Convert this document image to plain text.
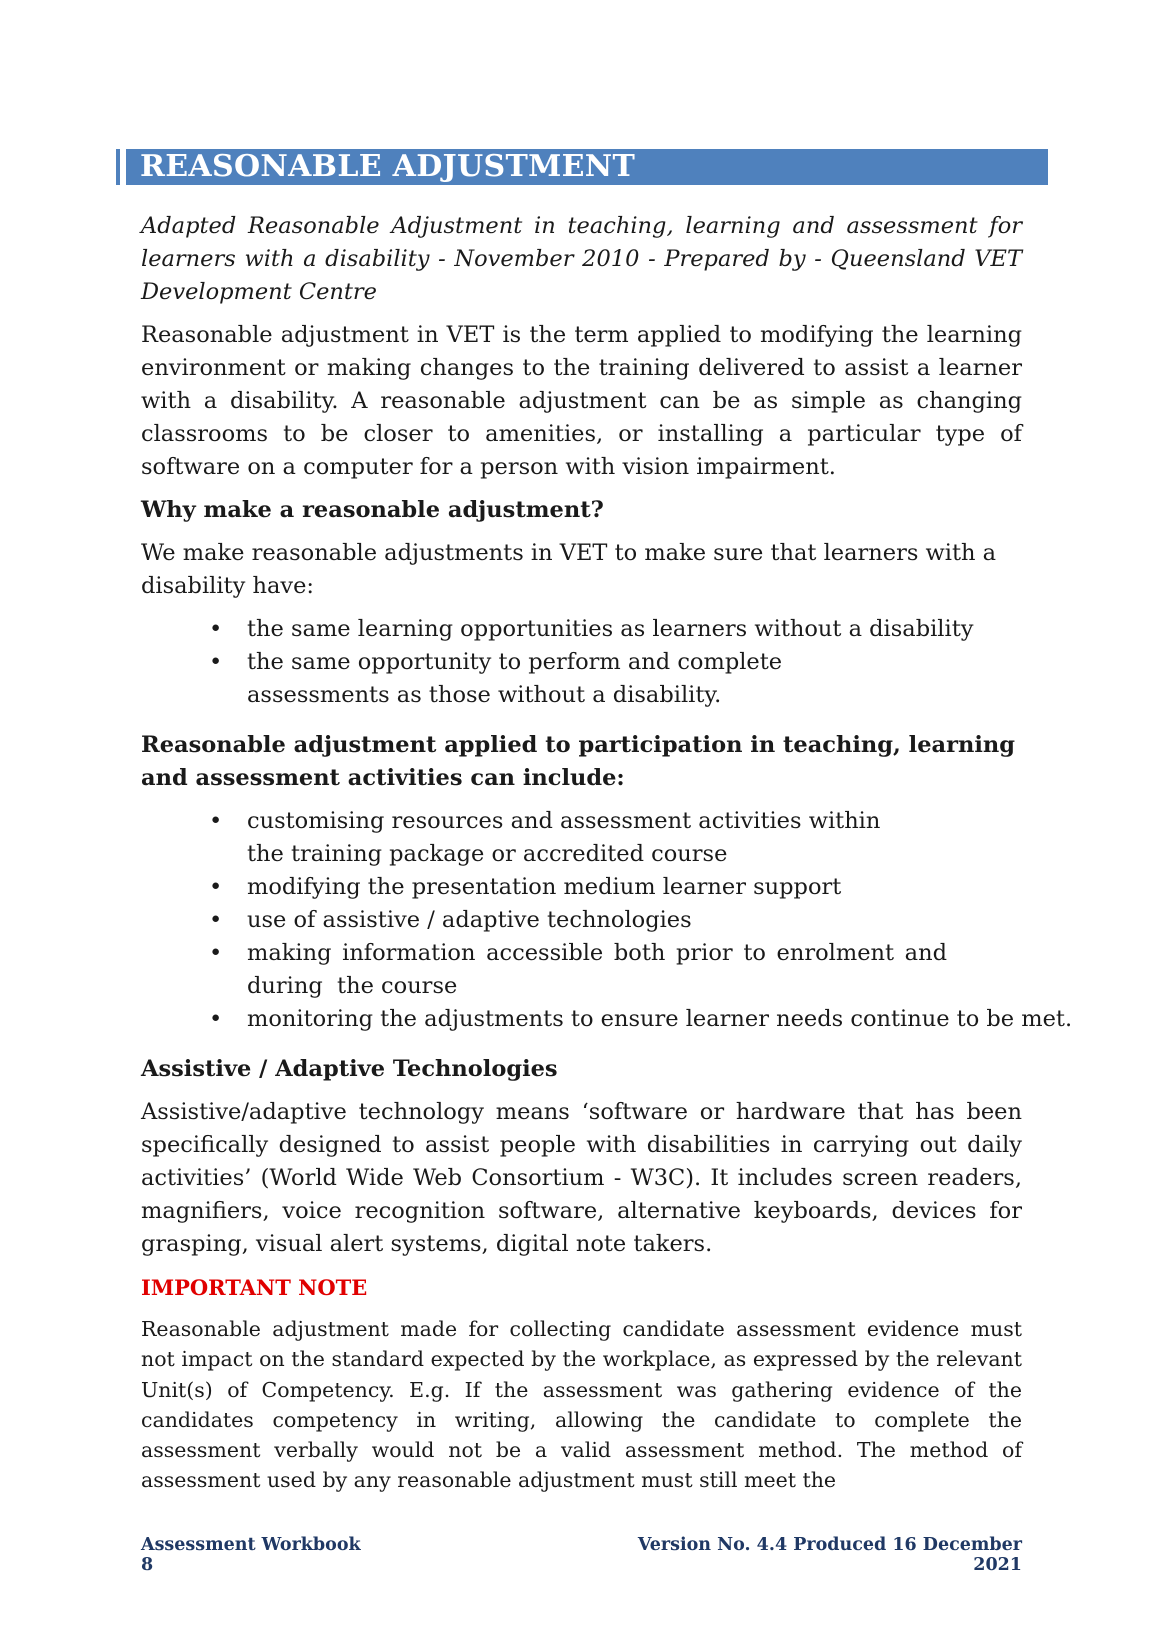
REASONABLE ADJUSTMENT

Adapted Reasonable Adjustment in teaching, learning and assessment for learners with a disability - November 2010 - Prepared by - Queensland VET Development Centre

Reasonable adjustment in VET is the term applied to modifying the learning environment or making changes to the training delivered to assist a learner with a disability. A reasonable adjustment can be as simple as changing classrooms to be closer to amenities, or installing a particular type of software on a computer for a person with vision impairment.

Why make a reasonable adjustment?

We make reasonable adjustments in VET to make sure that learners with a disability have:

• the same learning opportunities as learners without a disability
• the same opportunity to perform and complete assessments as those without a disability.

Reasonable adjustment applied to participation in teaching, learning and assessment activities can include:

• customising resources and assessment activities within the training package or accredited course
• modifying the presentation medium learner support
• use of assistive / adaptive technologies
• making information accessible both prior to enrolment and during  the course
• monitoring the adjustments to ensure learner needs continue to be met.

Assistive / Adaptive Technologies

Assistive/adaptive technology means ‘software or hardware that has been specifically designed to assist people with disabilities in carrying out daily activities’ (World Wide Web Consortium - W3C). It includes screen readers, magnifiers, voice recognition software, alternative keyboards, devices for grasping, visual alert systems, digital note takers.

IMPORTANT NOTE

Reasonable adjustment made for collecting candidate assessment evidence must not impact on the standard expected by the workplace, as expressed by the relevant Unit(s) of Competency. E.g. If the assessment was gathering evidence of the candidates competency in writing, allowing the candidate to complete the assessment verbally would not be a valid assessment method. The method of assessment used by any reasonable adjustment must still meet the

Assessment Workbook
8
Version No. 4.4 Produced 16 December
2021
